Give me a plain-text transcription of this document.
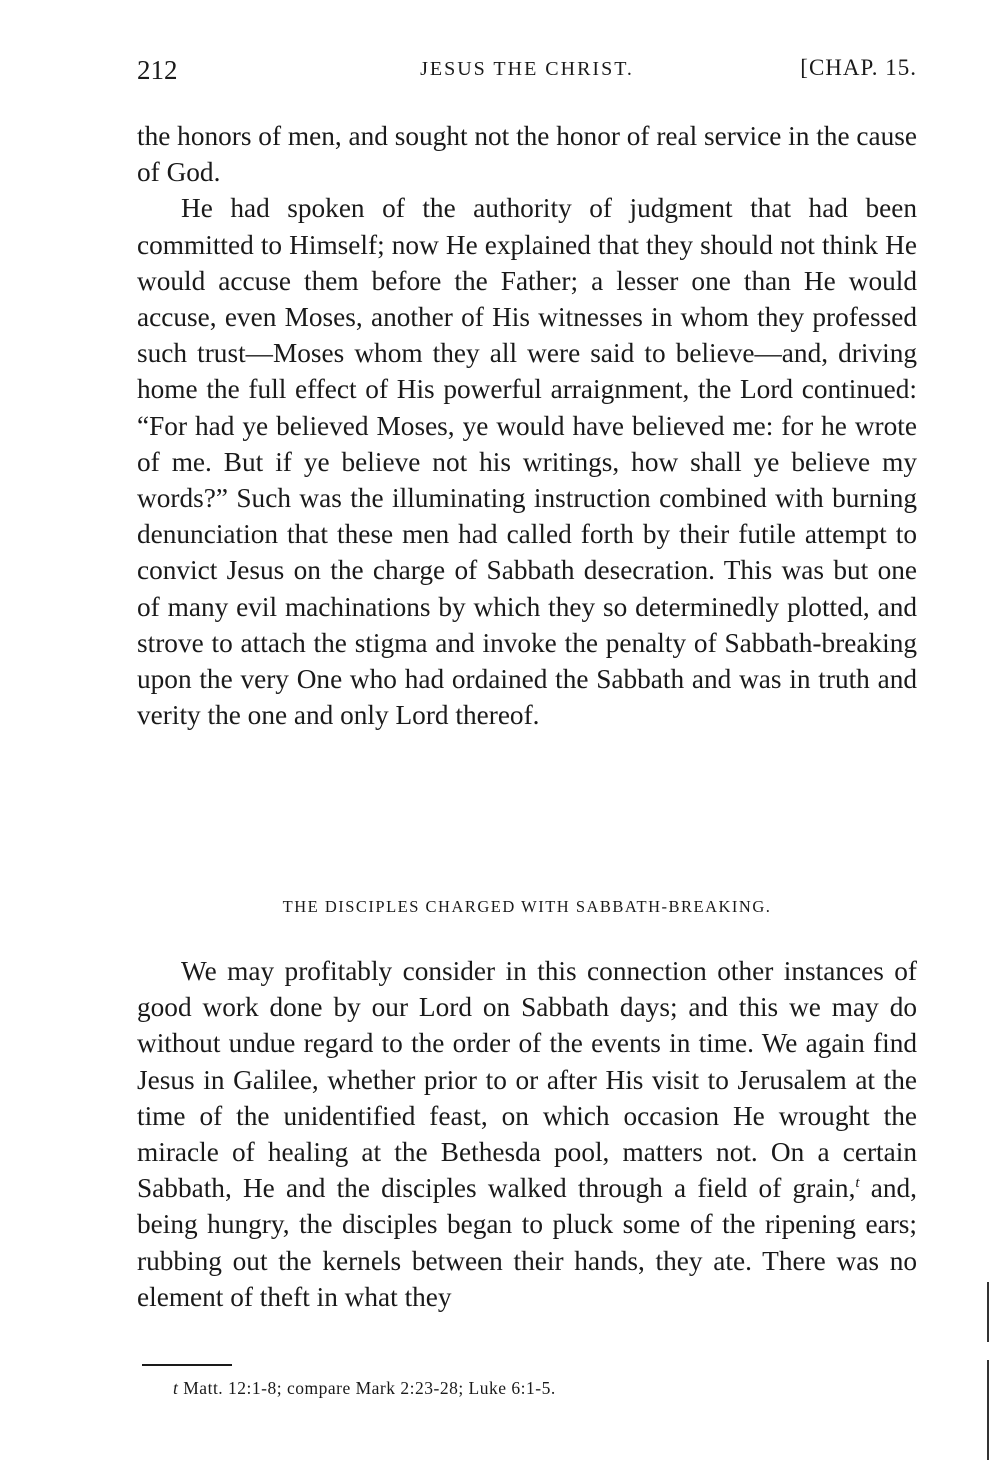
212	JESUS THE CHRIST.	[CHAP. 15.

the honors of men, and sought not the honor of real service in the cause of God.

He had spoken of the authority of judgment that had been committed to Himself; now He explained that they should not think He would accuse them before the Father; a lesser one than He would accuse, even Moses, another of His witnesses in whom they professed such trust—Moses whom they all were said to believe—and, driving home the full effect of His powerful arraignment, the Lord continued: “For had ye believed Moses, ye would have believed me: for he wrote of me. But if ye believe not his writings, how shall ye believe my words?” Such was the illuminating instruction combined with burning denunciation that these men had called forth by their futile attempt to convict Jesus on the charge of Sabbath desecration. This was but one of many evil machinations by which they so determinedly plotted, and strove to attach the stigma and invoke the penalty of Sabbath-breaking upon the very One who had ordained the Sabbath and was in truth and verity the one and only Lord thereof.

THE DISCIPLES CHARGED WITH SABBATH-BREAKING.

We may profitably consider in this connection other instances of good work done by our Lord on Sabbath days; and this we may do without undue regard to the order of the events in time. We again find Jesus in Galilee, whether prior to or after His visit to Jerusalem at the time of the unidentified feast, on which occasion He wrought the miracle of healing at the Bethesda pool, matters not. On a certain Sabbath, He and the disciples walked through a field of grain,$^t$ and, being hungry, the disciples began to pluck some of the ripening ears; rubbing out the kernels between their hands, they ate. There was no element of theft in what they

t Matt. 12:1-8; compare Mark 2:23-28; Luke 6:1-5.
